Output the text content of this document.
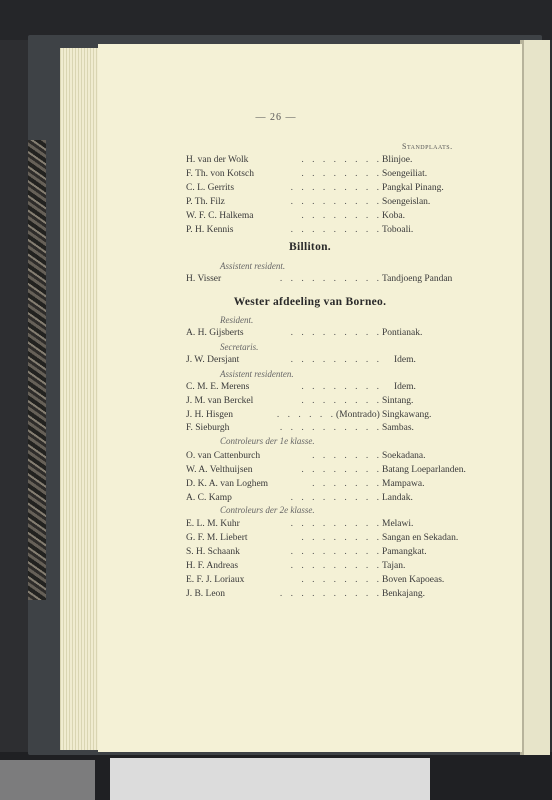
— 26 —
Standplaats.
H. van der Wolk	. . . . . . . . Blinjoe.
F. Th. von Kotsch	. . . . . . . . Soengeiliat.
C. L. Gerrits	. . . . . . . . . Pangkal Pinang.
P. Th. Filz	. . . . . . . . . Soengeislan.
W. F. C. Halkema	. . . . . . . . Koba.
P. H. Kennis	. . . . . . . . . Toboali.
Billiton.
Assistent resident.
H. Visser	. . . . . . . . . . Tandjoeng Pandan
Wester afdeeling van Borneo.
Resident.
A. H. Gijsberts	. . . . . . . . . Pontianak.
Secretaris.
J. W. Dersjant	. . . . . . . . . Idem.
Assistent residenten.
C. M. E. Merens	. . . . . . . . Idem.
J. M. van Berckel	. . . . . . . . Sintang.
J. H. Hisgen	. . . . . . (Montrado) Singkawang.
F. Sieburgh	. . . . . . . . . . Sambas.
Controleurs der 1e klasse.
O. van Cattenburch	. . . . . . . Soekadana.
W. A. Velthuijsen	. . . . . . . . Batang Loeparlanden.
D. K. A. van Loghem	. . . . . . . Mampawa.
A. C. Kamp	. . . . . . . . . Landak.
Controleurs der 2e klasse.
E. L. M. Kuhr	. . . . . . . . . Melawi.
G. F. M. Liebert	. . . . . . . . Sangan en Sekadan.
S. H. Schaank	. . . . . . . . . Pamangkat.
H. F. Andreas	. . . . . . . . . Tajan.
E. F. J. Loriaux	. . . . . . . . Boven Kapoeas.
J. B. Leon	. . . . . . . . . . Benkajang.
